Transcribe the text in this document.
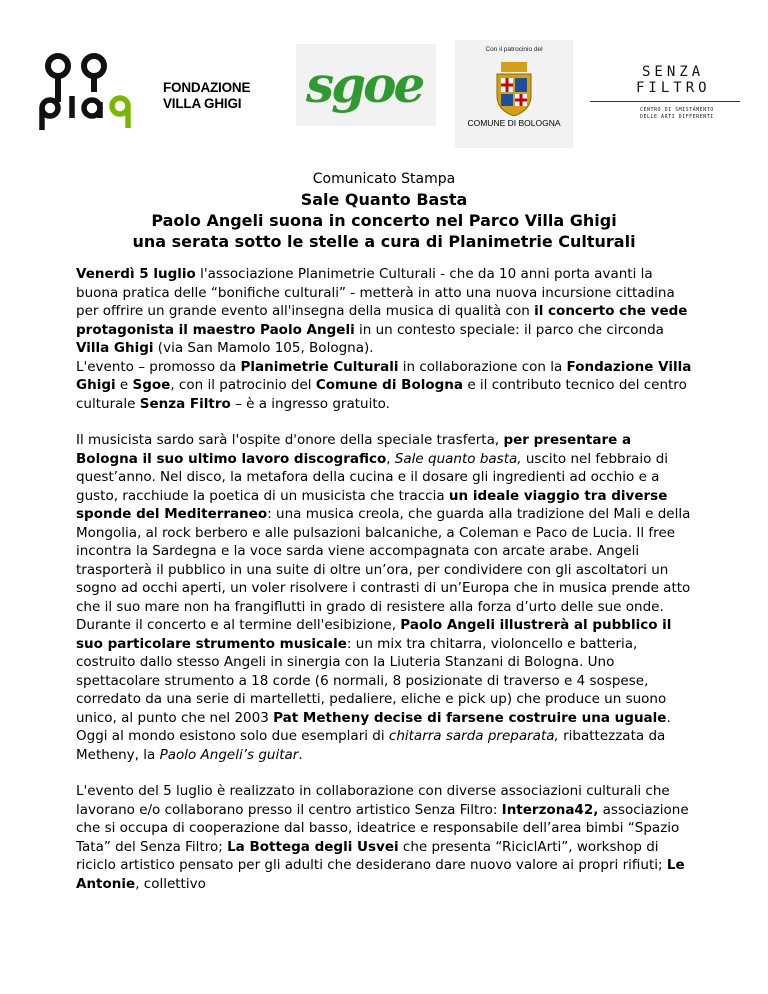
FONDAZIONE
VILLA GHIGI sgoe
Con il patrocinio del
COMUNE DI BOLOGNA
SENZA
FILTRO
CENTRO DI SMISTAMENTO
DELLE ARTI DIFFERENTI
Comunicato Stampa
Sale Quanto Basta
Paolo Angeli suona in concerto nel Parco Villa Ghigi
una serata sotto le stelle a cura di Planimetrie Culturali

Venerdì 5 luglio l'associazione Planimetrie Culturali - che da 10 anni porta avanti la buona pratica delle “bonifiche culturali” - metterà in atto una nuova incursione cittadina per offrire un grande evento all'insegna della musica di qualità con il concerto che vede protagonista il maestro Paolo Angeli in un contesto speciale: il parco che circonda Villa Ghigi (via San Mamolo 105, Bologna).

L'evento – promosso da Planimetrie Culturali in collaborazione con la Fondazione Villa Ghigi e Sgoe, con il patrocinio del Comune di Bologna e il contributo tecnico del centro culturale Senza Filtro – è a ingresso gratuito.

Il musicista sardo sarà l'ospite d'onore della speciale trasferta, per presentare a Bologna il suo ultimo lavoro discografico, Sale quanto basta, uscito nel febbraio di quest’anno. Nel disco, la metafora della cucina e il dosare gli ingredienti ad occhio e a gusto, racchiude la poetica di un musicista che traccia un ideale viaggio tra diverse sponde del Mediterraneo: una musica creola, che guarda alla tradizione del Mali e della Mongolia, al rock berbero e alle pulsazioni balcaniche, a Coleman e Paco de Lucia. Il free incontra la Sardegna e la voce sarda viene accompagnata con arcate arabe. Angeli trasporterà il pubblico in una suite di oltre un’ora, per condividere con gli ascoltatori un sogno ad occhi aperti, un voler risolvere i contrasti di un’Europa che in musica prende atto che il suo mare non ha frangiflutti in grado di resistere alla forza d’urto delle sue onde.

Durante il concerto e al termine dell'esibizione, Paolo Angeli illustrerà al pubblico il suo particolare strumento musicale: un mix tra chitarra, violoncello e batteria, costruito dallo stesso Angeli in sinergia con la Liuteria Stanzani di Bologna. Uno spettacolare strumento a 18 corde (6 normali, 8 posizionate di traverso e 4 sospese, corredato da una serie di martelletti, pedaliere, eliche e pick up) che produce un suono unico, al punto che nel 2003 Pat Metheny decise di farsene costruire una uguale. Oggi al mondo esistono solo due esemplari di chitarra sarda preparata, ribattezzata da Metheny, la Paolo Angeli’s guitar.

L'evento del 5 luglio è realizzato in collaborazione con diverse associazioni culturali che lavorano e/o collaborano presso il centro artistico Senza Filtro: Interzona42, associazione che si occupa di cooperazione dal basso, ideatrice e responsabile dell’area bimbi “Spazio Tata” del Senza Filtro; La Bottega degli Usvei che presenta “RiciclArti”, workshop di riciclo artistico pensato per gli adulti che desiderano dare nuovo valore ai propri rifiuti; Le Antonie, collettivo
